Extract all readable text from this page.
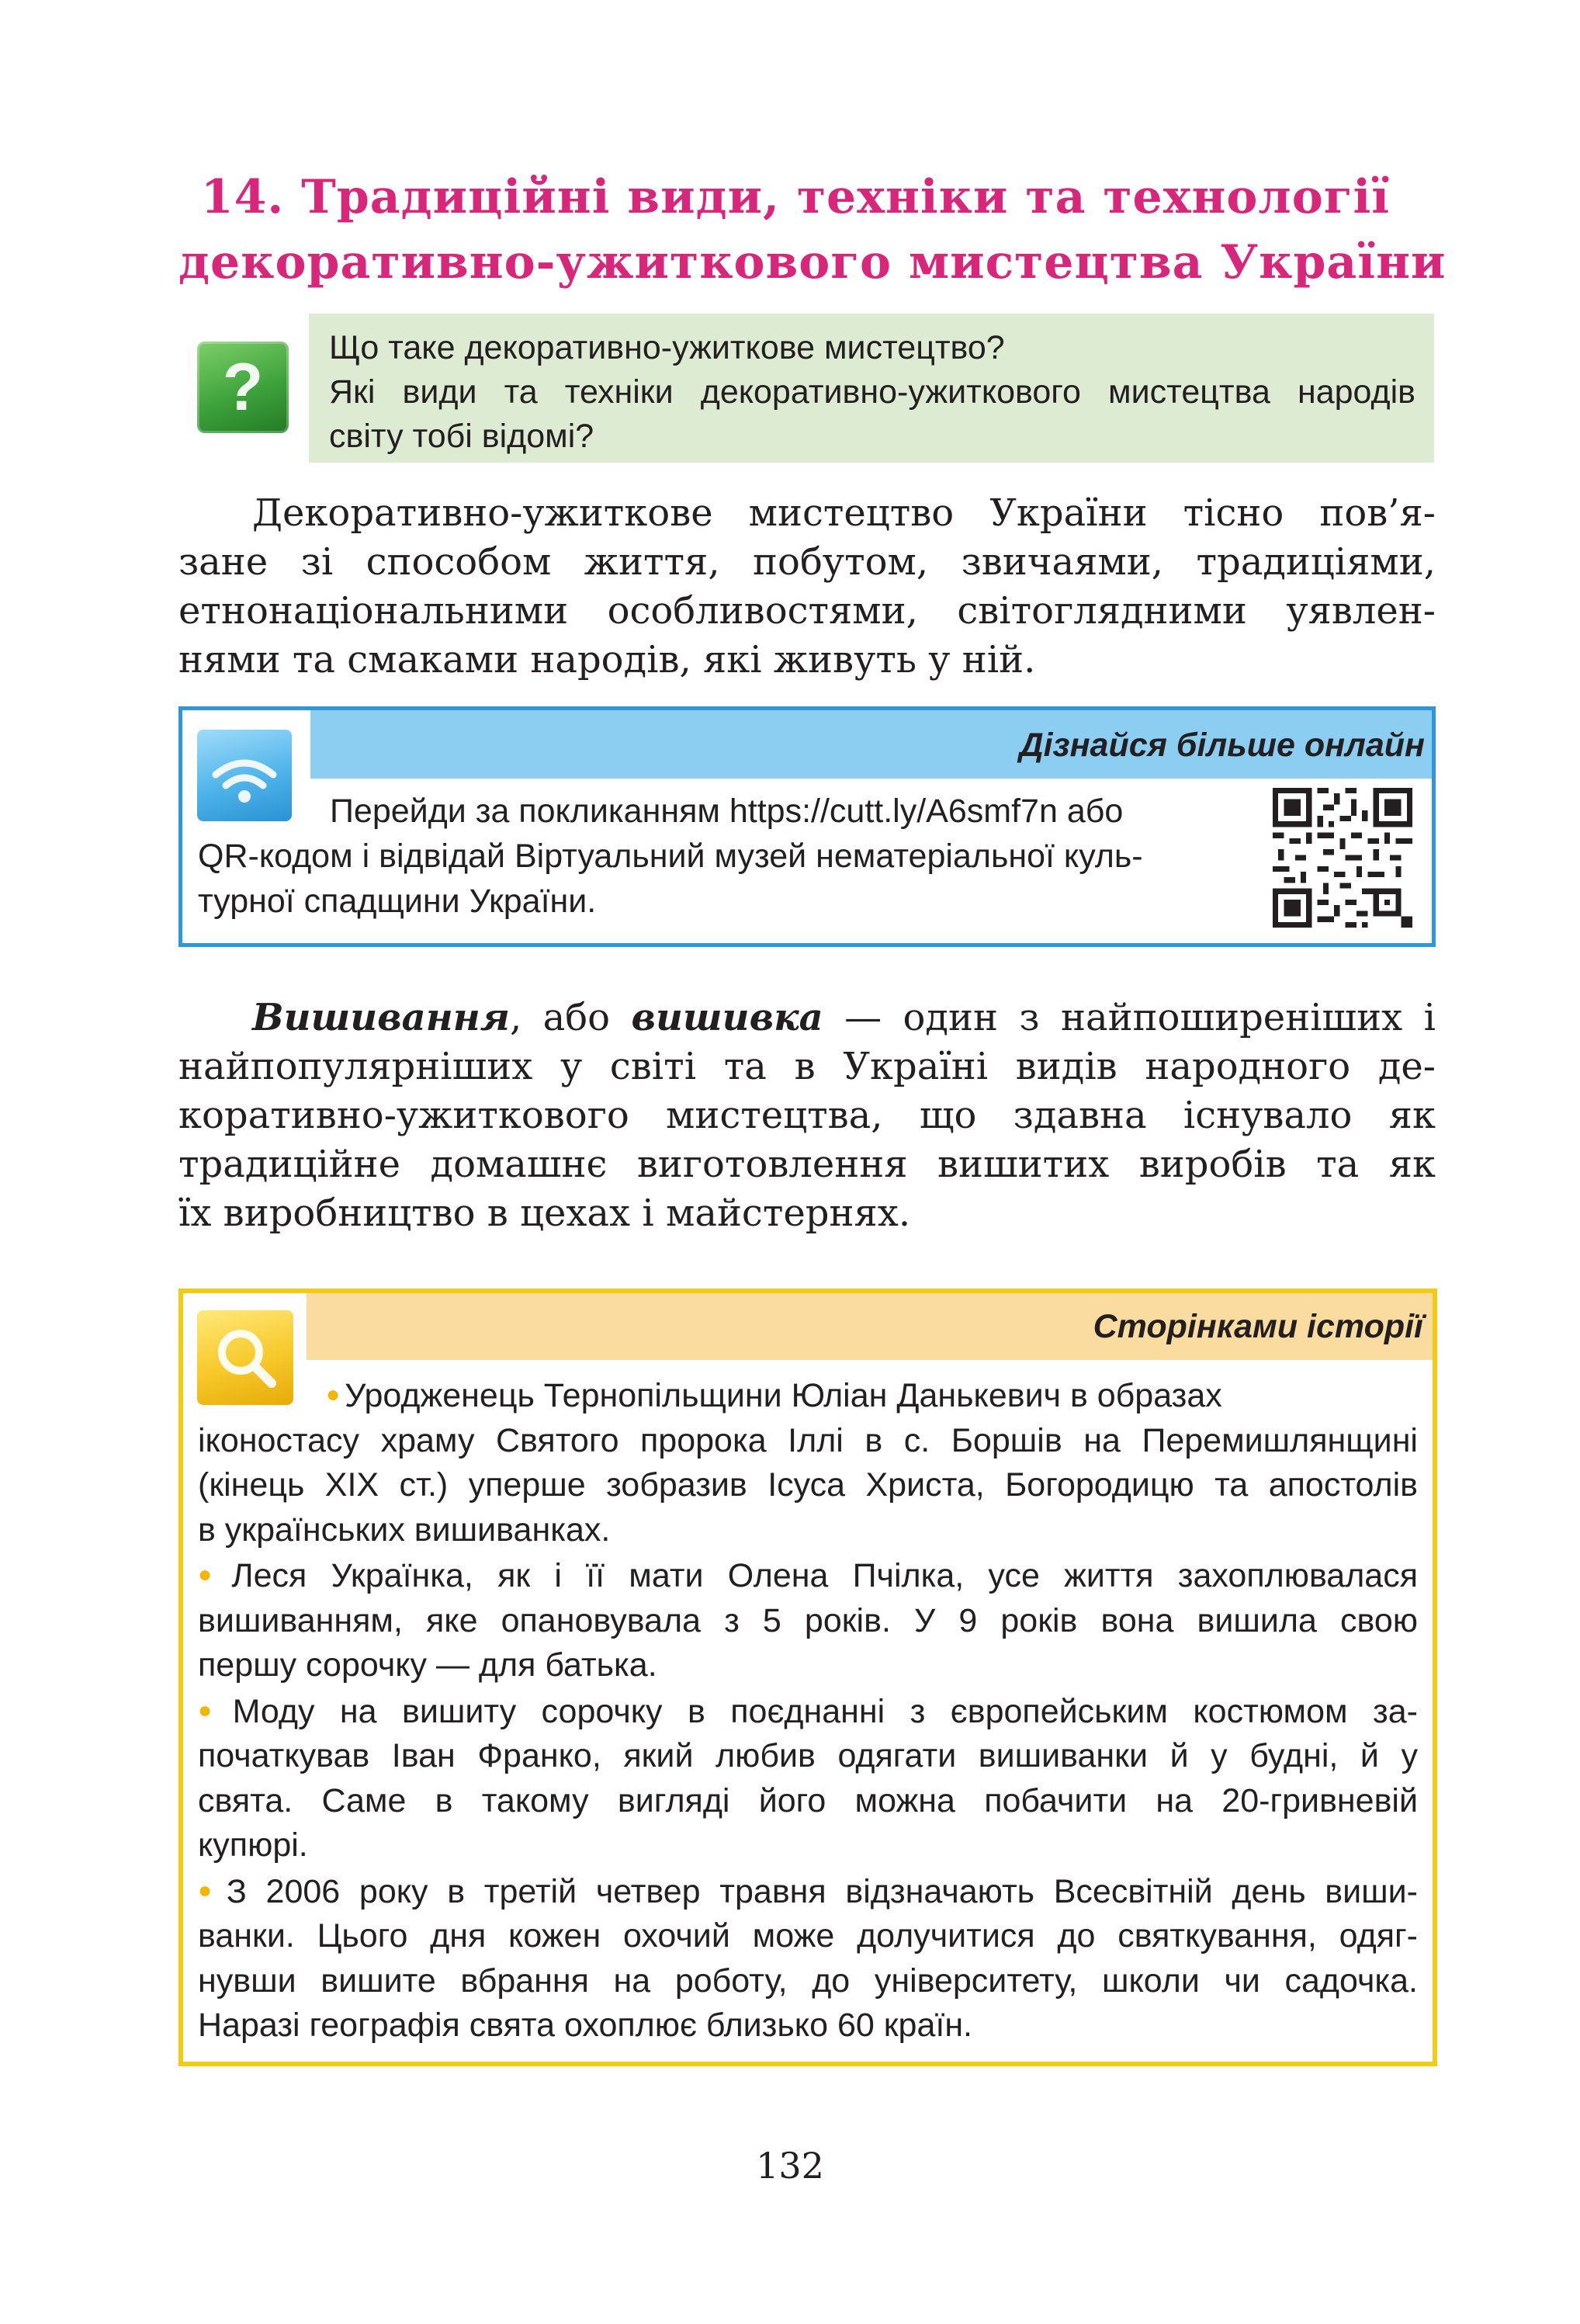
14. Традиційні види, техніки та технології
декоративно-ужиткового мистецтва України
?
Що таке декоративно-ужиткове мистецтво?
Які види та техніки декоративно-ужиткового мистецтва народів
світу тобі відомі?
Декоративно-ужиткове мистецтво України тісно пов’я-
зане зі способом життя, побутом, звичаями, традиціями,
етнонаціональними особливостями, світоглядними уявлен-
нями та смаками народів, які живуть у ній.
Дізнайся більше онлайн
Перейди за покликанням https://cutt.ly/A6smf7n або
QR-кодом і відвідай Віртуальний музей нематеріальної куль-
турної спадщини України.
Вишивання, або вишивка — один з найпоширеніших і
найпопулярніших у світі та в Україні видів народного де-
коративно-ужиткового мистецтва, що здавна існувало як
традиційне домашнє виготовлення вишитих виробів та як
їх виробництво в цехах і майстернях.
Сторінками історії
● Уродженець Тернопільщини Юліан Данькевич в образах
іконостасу храму Святого пророка Іллі в с. Боршів на Перемишлянщині
(кінець XIX ст.) уперше зобразив Ісуса Христа, Богородицю та апостолів
в українських вишиванках.
● Леся Українка, як і її мати Олена Пчілка, усе життя захоплювалася
вишиванням, яке опановувала з 5 років. У 9 років вона вишила свою
першу сорочку — для батька.
● Моду на вишиту сорочку в поєднанні з європейським костюмом за-
початкував Іван Франко, який любив одягати вишиванки й у будні, й у
свята. Саме в такому вигляді його можна побачити на 20-гривневій
купюрі.
● З 2006 року в третій четвер травня відзначають Всесвітній день виши-
ванки. Цього дня кожен охочий може долучитися до святкування, одяг-
нувши вишите вбрання на роботу, до університету, школи чи садочка.
Наразі географія свята охоплює близько 60 країн.
132
